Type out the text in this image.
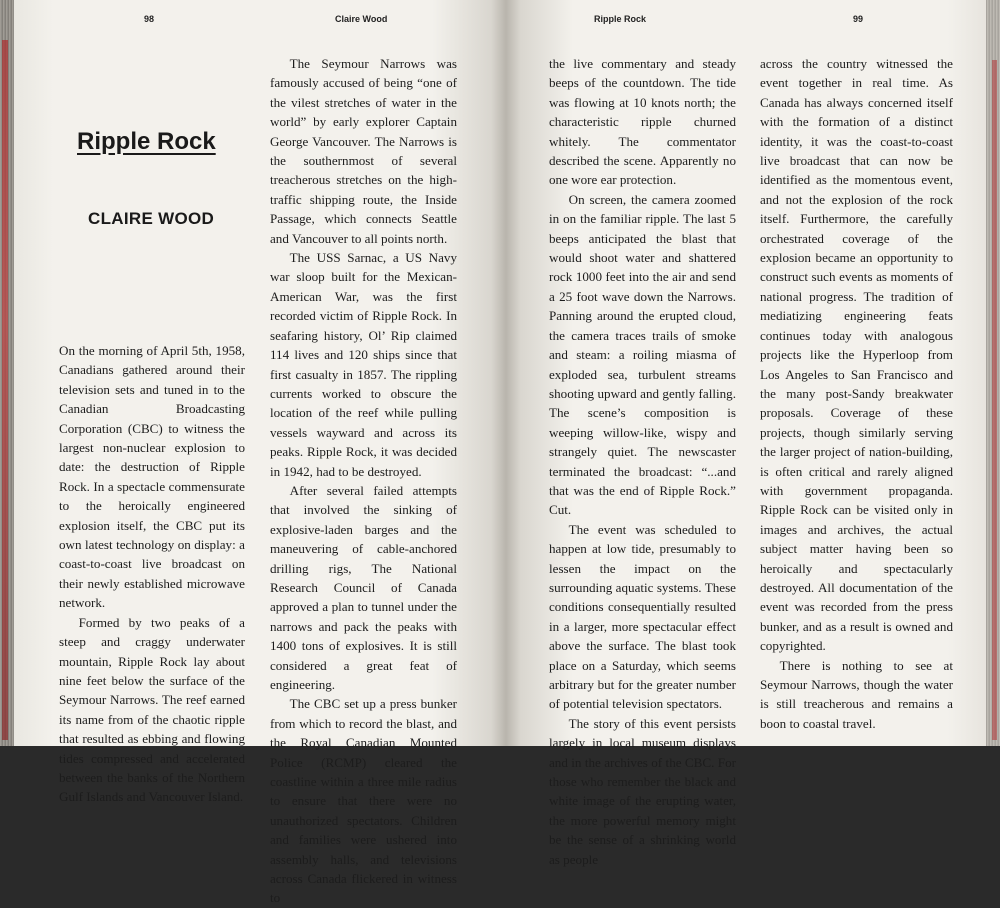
98	Claire Wood
Ripple Rock
CLAIRE WOOD

On the morning of April 5th, 1958, Canadians gathered around their television sets and tuned in to the Canadian Broadcasting Corporation (CBC) to witness the largest non-nuclear explosion to date: the destruction of Ripple Rock. In a spectacle commensurate to the heroically engineered explosion itself, the CBC put its own latest technology on display: a coast-to-coast live broadcast on their newly established microwave network.

Formed by two peaks of a steep and craggy underwater mountain, Ripple Rock lay about nine feet below the surface of the Seymour Narrows. The reef earned its name from of the chaotic ripple that resulted as ebbing and flowing tides compressed and accelerated between the banks of the Northern Gulf Islands and Vancouver Island.

The Seymour Narrows was famously accused of being “one of the vilest stretches of water in the world” by early explorer Captain George Vancouver. The Narrows is the southernmost of several treacherous stretches on the high-traffic shipping route, the Inside Passage, which connects Seattle and Vancouver to all points north.

The USS Sarnac, a US Navy war sloop built for the Mexican-American War, was the first recorded victim of Ripple Rock. In seafaring history, Ol’ Rip claimed 114 lives and 120 ships since that first casualty in 1857. The rippling currents worked to obscure the location of the reef while pulling vessels wayward and across its peaks. Ripple Rock, it was decided in 1942, had to be destroyed.

After several failed attempts that involved the sinking of explosive-laden barges and the maneuvering of cable-anchored drilling rigs, The National Research Council of Canada approved a plan to tunnel under the narrows and pack the peaks with 1400 tons of explosives. It is still considered a great feat of engineering.

The CBC set up a press bunker from which to record the blast, and the Royal Canadian Mounted Police (RCMP) cleared the coastline within a three mile radius to ensure that there were no unauthorized spectators. Children and families were ushered into assembly halls, and televisions across Canada flickered in witness to

Ripple Rock	99

the live commentary and steady beeps of the countdown. The tide was flowing at 10 knots north; the characteristic ripple churned whitely. The commentator described the scene. Apparently no one wore ear protection.

On screen, the camera zoomed in on the familiar ripple. The last 5 beeps anticipated the blast that would shoot water and shattered rock 1000 feet into the air and send a 25 foot wave down the Narrows. Panning around the erupted cloud, the camera traces trails of smoke and steam: a roiling miasma of exploded sea, turbulent streams shooting upward and gently falling. The scene’s composition is weeping willow-like, wispy and strangely quiet. The newscaster terminated the broadcast: “...and that was the end of Ripple Rock.” Cut.

The event was scheduled to happen at low tide, presumably to lessen the impact on the surrounding aquatic systems. These conditions consequentially resulted in a larger, more spectacular effect above the surface. The blast took place on a Saturday, which seems arbitrary but for the greater number of potential television spectators.

The story of this event persists largely in local museum displays and in the archives of the CBC. For those who remember the black and white image of the erupting water, the more powerful memory might be the sense of a shrinking world as people

across the country witnessed the event together in real time. As Canada has always concerned itself with the formation of a distinct identity, it was the coast-to-coast live broadcast that can now be identified as the momentous event, and not the explosion of the rock itself. Furthermore, the carefully orchestrated coverage of the explosion became an opportunity to construct such events as moments of national progress. The tradition of mediatizing engineering feats continues today with analogous projects like the Hyperloop from Los Angeles to San Francisco and the many post-Sandy breakwater proposals. Coverage of these projects, though similarly serving the larger project of nation-building, is often critical and rarely aligned with government propaganda. Ripple Rock can be visited only in images and archives, the actual subject matter having been so heroically and spectacularly destroyed. All documentation of the event was recorded from the press bunker, and as a result is owned and copyrighted.

There is nothing to see at Seymour Narrows, though the water is still treacherous and remains a boon to coastal travel.
